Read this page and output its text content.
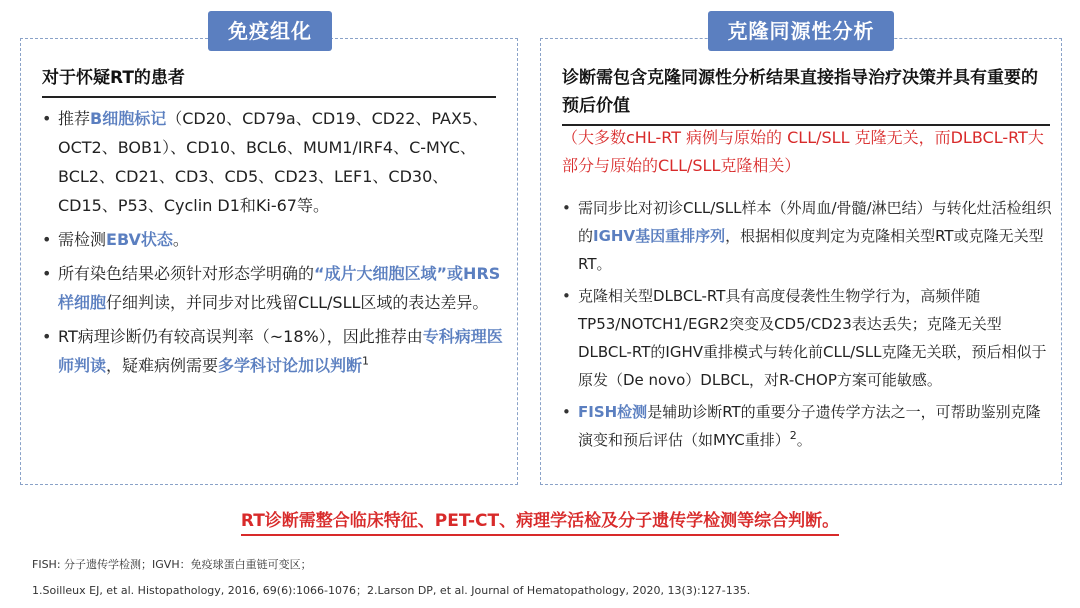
免疫组化
对于怀疑RT的患者
• 推荐B细胞标记（CD20、CD79a、CD19、CD22、PAX5、OCT2、BOB1）、CD10、BCL6、MUM1/IRF4、C-MYC、BCL2、CD21、CD3、CD5、CD23、LEF1、CD30、CD15、P53、Cyclin D1和Ki-67等。
• 需检测EBV状态。
• 所有染色结果必须针对形态学明确的“成片大细胞区域”或HRS样细胞仔细判读，并同步对比残留CLL/SLL区域的表达差异。
• RT病理诊断仍有较高误判率（~18%），因此推荐由专科病理医师判读，疑难病例需要多学科讨论加以判断$^1$
克隆同源性分析
诊断需包含克隆同源性分析结果直接指导治疗决策并具有重要的预后价值
（大多数cHL-RT 病例与原始的 CLL/SLL 克隆无关，而DLBCL-RT大部分与原始的CLL/SLL克隆相关）
• 需同步比对初诊CLL/SLL样本（外周血/骨髓/淋巴结）与转化灶活检组织的IGHV基因重排序列，根据相似度判定为克隆相关型RT或克隆无关型RT。
• 克隆相关型DLBCL-RT具有高度侵袭性生物学行为，高频伴随TP53/NOTCH1/EGR2突变及CD5/CD23表达丢失；克隆无关型DLBCL-RT的IGHV重排模式与转化前CLL/SLL克隆无关联，预后相似于原发（De novo）DLBCL，对R-CHOP方案可能敏感。
• FISH检测是辅助诊断RT的重要分子遗传学方法之一，可帮助鉴别克隆演变和预后评估（如MYC重排）$^2$。
RT诊断需整合临床特征、PET-CT、病理学活检及分子遗传学检测等综合判断。
FISH: 分子遗传学检测；IGVH：免疫球蛋白重链可变区；
1.Soilleux EJ, et al. Histopathology, 2016, 69(6):1066-1076；2.Larson DP, et al. Journal of Hematopathology, 2020, 13(3):127-135.
